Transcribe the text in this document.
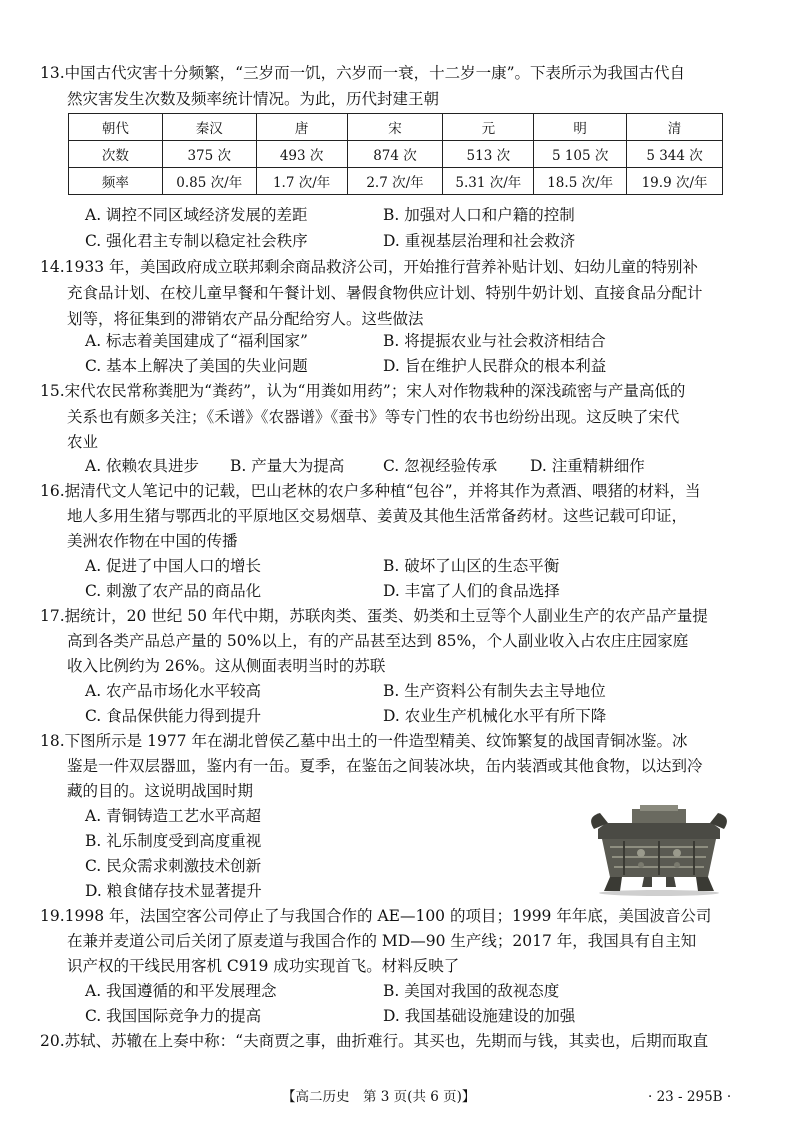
13.中国古代灾害十分频繁，“三岁而一饥，六岁而一衰，十二岁一康”。下表所示为我国古代自
然灾害发生次数及频率统计情况。为此，历代封建王朝
朝代	秦汉	唐	宋	元	明	清
次数	375 次	493 次	874 次	513 次	5 105 次	5 344 次
频率	0.85 次/年	1.7 次/年	2.7 次/年	5.31 次/年	18.5 次/年	19.9 次/年
A. 调控不同区域经济发展的差距	B. 加强对人口和户籍的控制
C. 强化君主专制以稳定社会秩序	D. 重视基层治理和社会救济
14.1933 年，美国政府成立联邦剩余商品救济公司，开始推行营养补贴计划、妇幼儿童的特别补
充食品计划、在校儿童早餐和午餐计划、暑假食物供应计划、特别牛奶计划、直接食品分配计
划等，将征集到的滞销农产品分配给穷人。这些做法
A. 标志着美国建成了“福利国家”	B. 将提振农业与社会救济相结合
C. 基本上解决了美国的失业问题	D. 旨在维护人民群众的根本利益
15.宋代农民常称粪肥为“粪药”，认为“用粪如用药”；宋人对作物栽种的深浅疏密与产量高低的
关系也有颇多关注；《禾谱》《农器谱》《蚕书》等专门性的农书也纷纷出现。这反映了宋代
农业
A. 依赖农具进步 B. 产量大为提高	C. 忽视经验传承 D. 注重精耕细作
16.据清代文人笔记中的记载，巴山老林的农户多种植“包谷”，并将其作为煮酒、喂猪的材料，当
地人多用生猪与鄂西北的平原地区交易烟草、姜黄及其他生活常备药材。这些记载可印证，
美洲农作物在中国的传播
A. 促进了中国人口的增长	B. 破坏了山区的生态平衡
C. 刺激了农产品的商品化	D. 丰富了人们的食品选择
17.据统计，20 世纪 50 年代中期，苏联肉类、蛋类、奶类和土豆等个人副业生产的农产品产量提
高到各类产品总产量的 50%以上，有的产品甚至达到 85%，个人副业收入占农庄庄园家庭
收入比例约为 26%。这从侧面表明当时的苏联
A. 农产品市场化水平较高	B. 生产资料公有制失去主导地位
C. 食品保供能力得到提升	D. 农业生产机械化水平有所下降
18.下图所示是 1977 年在湖北曾侯乙墓中出土的一件造型精美、纹饰繁复的战国青铜冰鉴。冰
鉴是一件双层器皿，鉴内有一缶。夏季，在鉴缶之间装冰块，缶内装酒或其他食物，以达到冷
藏的目的。这说明战国时期
A. 青铜铸造工艺水平高超
B. 礼乐制度受到高度重视
C. 民众需求刺激技术创新
D. 粮食储存技术显著提升
19.1998 年，法国空客公司停止了与我国合作的 AE—100 的项目；1999 年年底，美国波音公司
在兼并麦道公司后关闭了原麦道与我国合作的 MD—90 生产线；2017 年，我国具有自主知
识产权的干线民用客机 C919 成功实现首飞。材料反映了
A. 我国遵循的和平发展理念	B. 美国对我国的敌视态度
C. 我国国际竞争力的提高	D. 我国基础设施建设的加强
20.苏轼、苏辙在上奏中称：“夫商贾之事，曲折难行。其买也，先期而与钱，其卖也，后期而取直
【高二历史　第 3 页(共 6 页)】	· 23 - 295B ·
